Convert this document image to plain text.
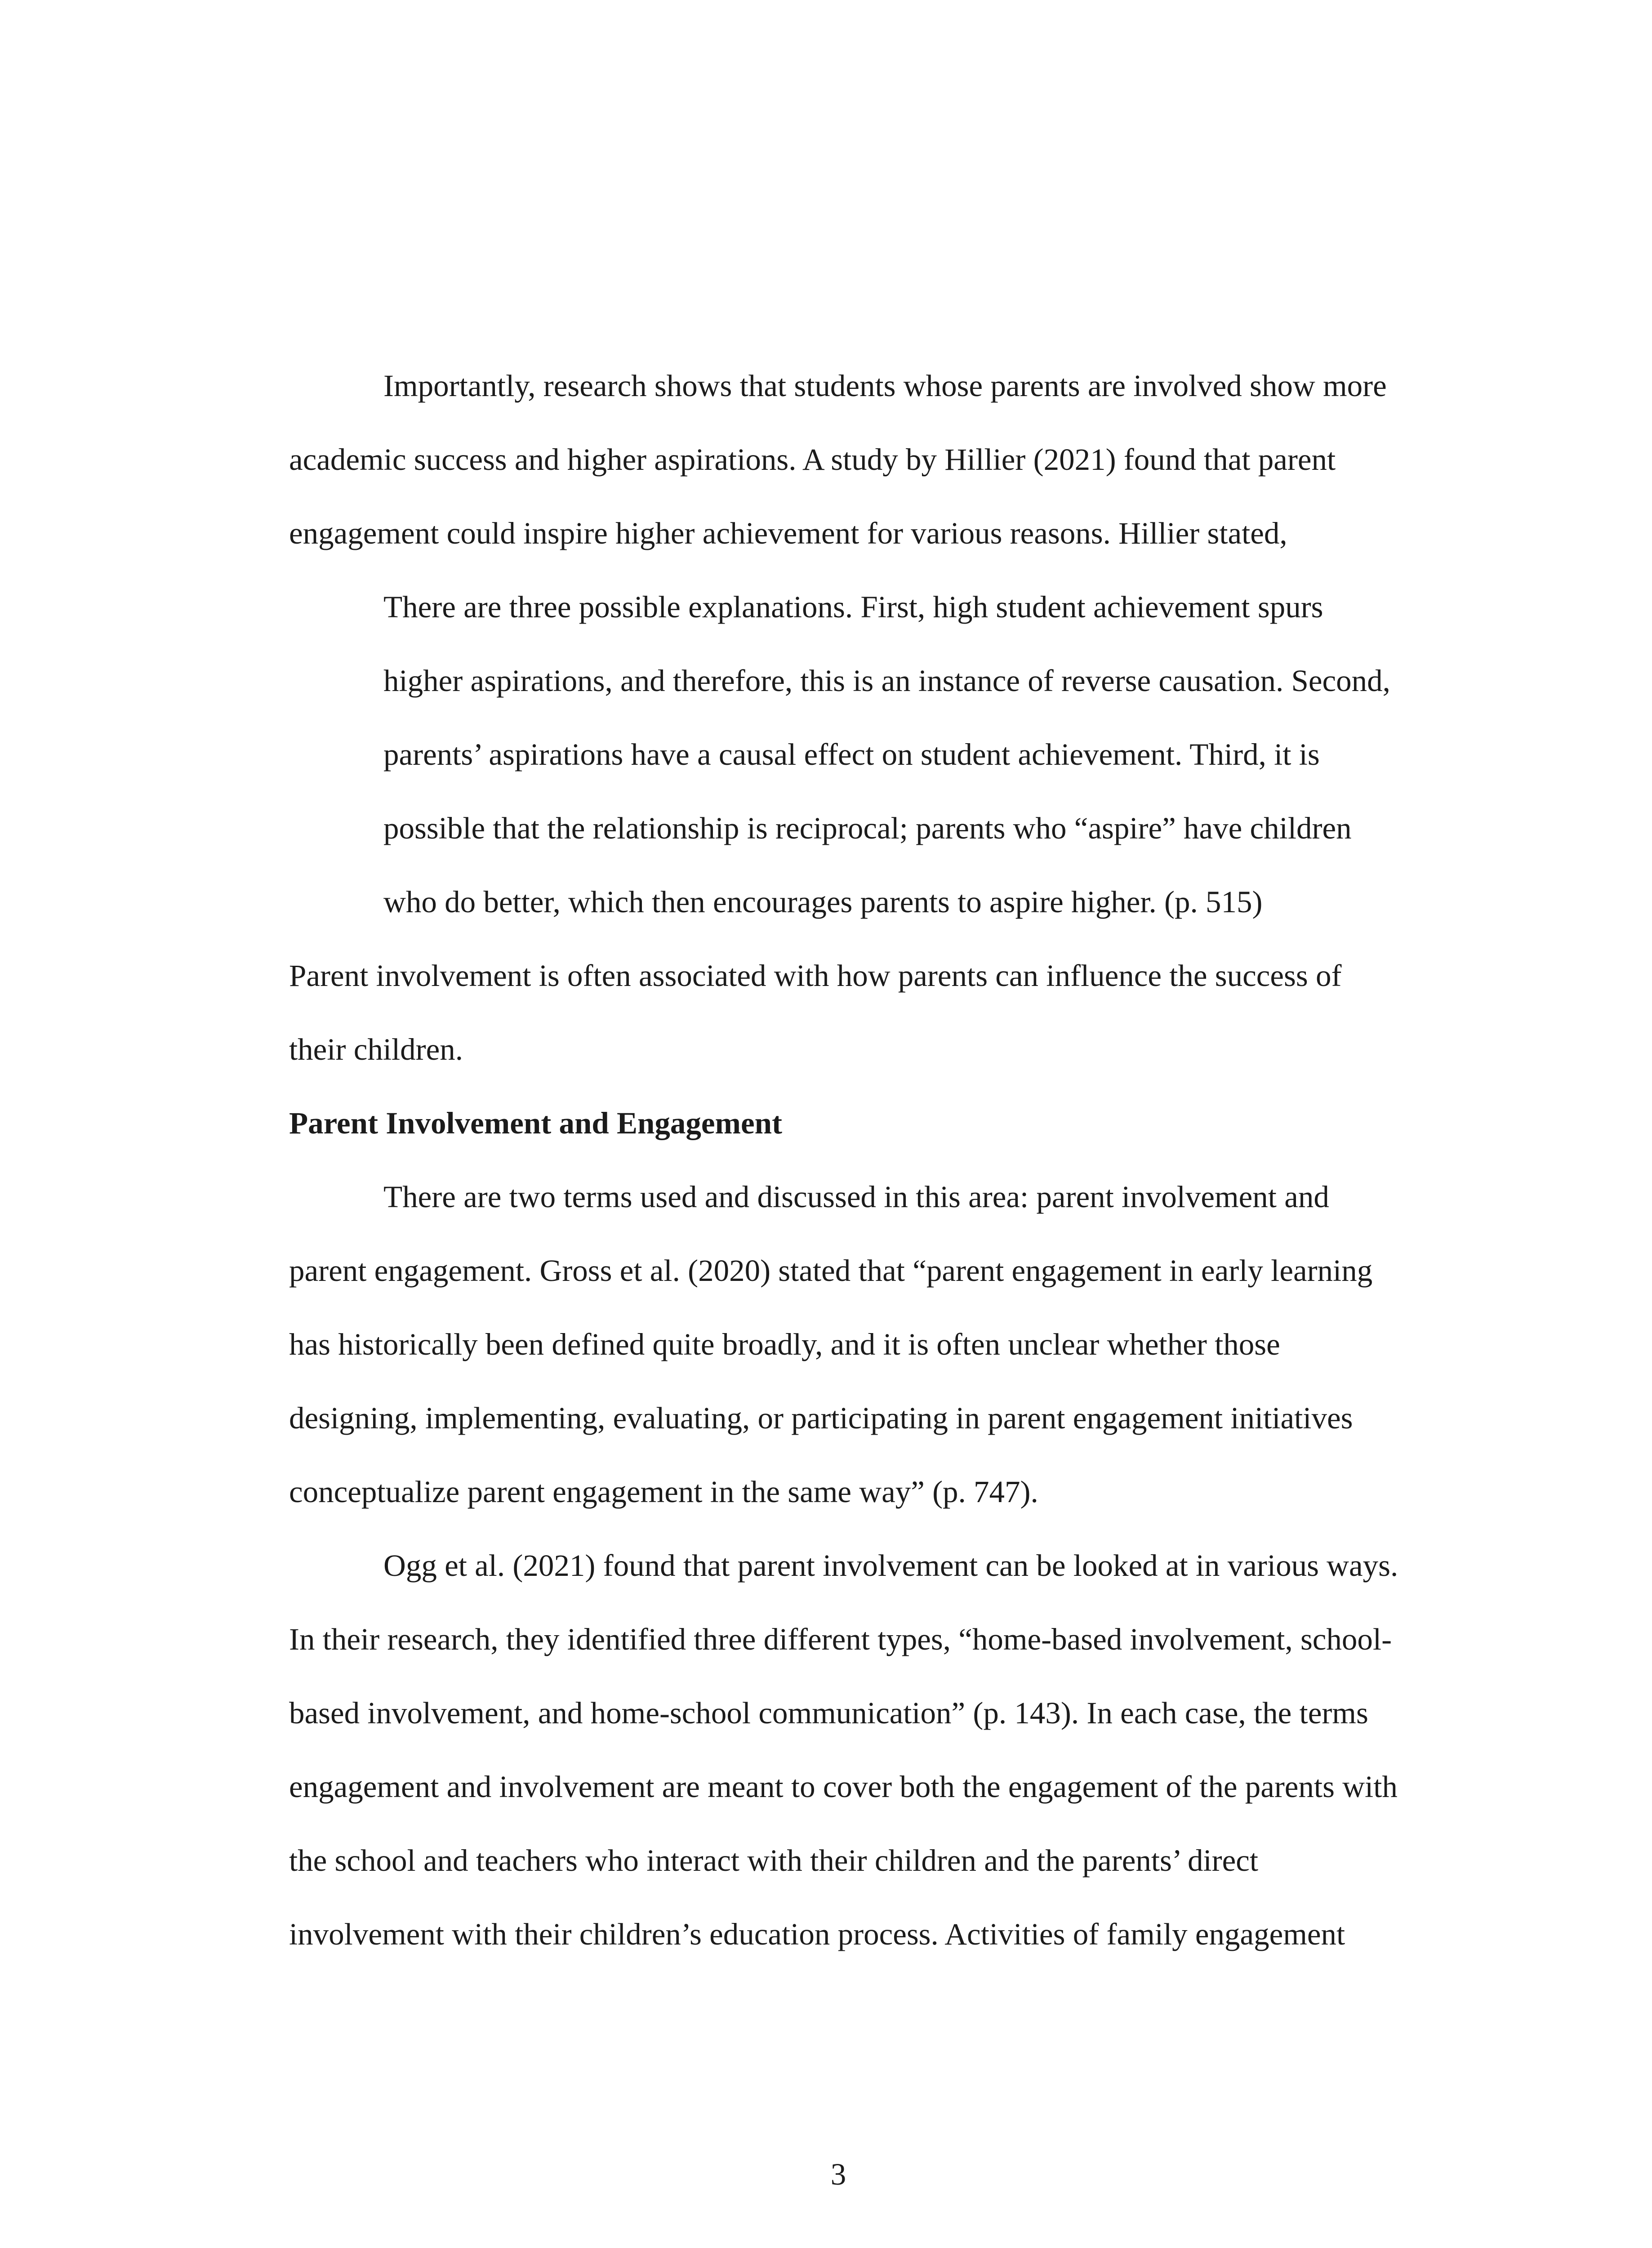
Importantly, research shows that students whose parents are involved show more
academic success and higher aspirations. A study by Hillier (2021) found that parent
engagement could inspire higher achievement for various reasons. Hillier stated,
There are three possible explanations. First, high student achievement spurs
higher aspirations, and therefore, this is an instance of reverse causation. Second,
parents’ aspirations have a causal effect on student achievement. Third, it is
possible that the relationship is reciprocal; parents who “aspire” have children
who do better, which then encourages parents to aspire higher. (p. 515)
Parent involvement is often associated with how parents can influence the success of
their children.
Parent Involvement and Engagement
There are two terms used and discussed in this area: parent involvement and
parent engagement. Gross et al. (2020) stated that “parent engagement in early learning
has historically been defined quite broadly, and it is often unclear whether those
designing, implementing, evaluating, or participating in parent engagement initiatives
conceptualize parent engagement in the same way” (p. 747).
Ogg et al. (2021) found that parent involvement can be looked at in various ways.
In their research, they identified three different types, “home-based involvement, school-
based involvement, and home-school communication” (p. 143). In each case, the terms
engagement and involvement are meant to cover both the engagement of the parents with
the school and teachers who interact with their children and the parents’ direct
involvement with their children’s education process. Activities of family engagement
3
